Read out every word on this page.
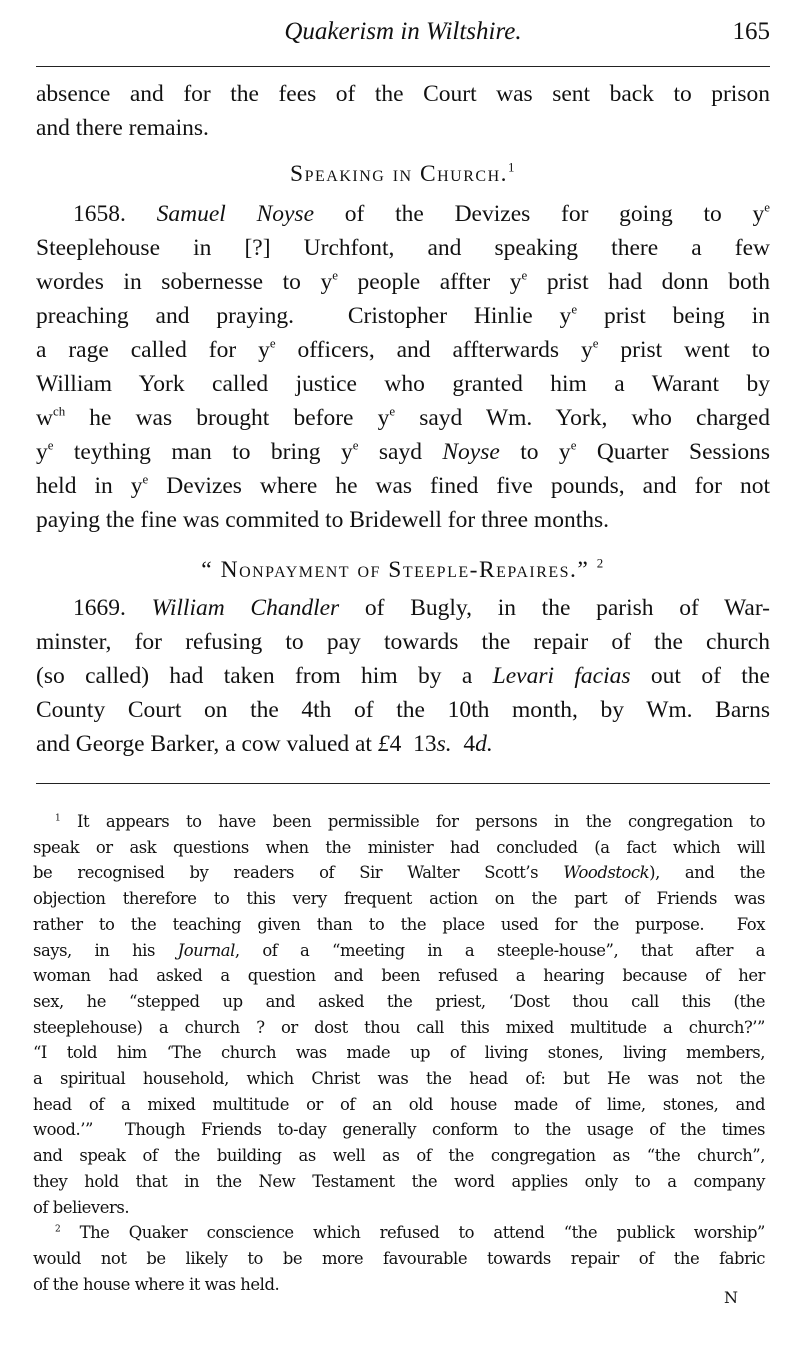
Quakerism in Wiltshire.	165
absence and for the fees of the Court was sent back to prison
and there remains.
Speaking in Church.$^1$
1658. Samuel Noyse of the Devizes for going to $y^e$
Steeplehouse in [?] Urchfont, and speaking there a few
wordes in sobernesse to $y^e$ people affter $y^e$ prist had donn both
preaching and praying.  Cristopher Hinlie $y^e$ prist being in
a rage called for $y^e$ officers, and affterwards $y^e$ prist went to
William York called justice who granted him a Warant by
$w^{ch}$ he was brought before $y^e$ sayd Wm. York, who charged
$y^e$ teything man to bring $y^e$ sayd Noyse to $y^e$ Quarter Sessions
held in $y^e$ Devizes where he was fined five pounds, and for not
paying the fine was commited to Bridewell for three months.
“ Nonpayment of Steeple-Repaires.” $^2$
1669. William Chandler of Bugly, in the parish of War-
minster, for refusing to pay towards the repair of the church
(so called) had taken from him by a Levari facias out of the
County Court on the 4th of the 10th month, by Wm. Barns
and George Barker, a cow valued at £4  13s.  4d.
$^1$ It appears to have been permissible for persons in the congregation to
speak or ask questions when the minister had concluded (a fact which will
be recognised by readers of Sir Walter Scott’s Woodstock), and the
objection therefore to this very frequent action on the part of Friends was
rather to the teaching given than to the place used for the purpose.  Fox
says, in his Journal, of a “meeting in a steeple-house”, that after a
woman had asked a question and been refused a hearing because of her
sex, he “stepped up and asked the priest, ‘Dost thou call this (the
steeplehouse) a church ? or dost thou call this mixed multitude a church?’”
“I told him ‘The church was made up of living stones, living members,
a spiritual household, which Christ was the head of: but He was not the
head of a mixed multitude or of an old house made of lime, stones, and
wood.’”  Though Friends to-day generally conform to the usage of the times
and speak of the building as well as of the congregation as “the church”,
they hold that in the New Testament the word applies only to a company
of believers.
$^2$ The Quaker conscience which refused to attend “the publick worship”
would not be likely to be more favourable towards repair of the fabric
of the house where it was held.
N
